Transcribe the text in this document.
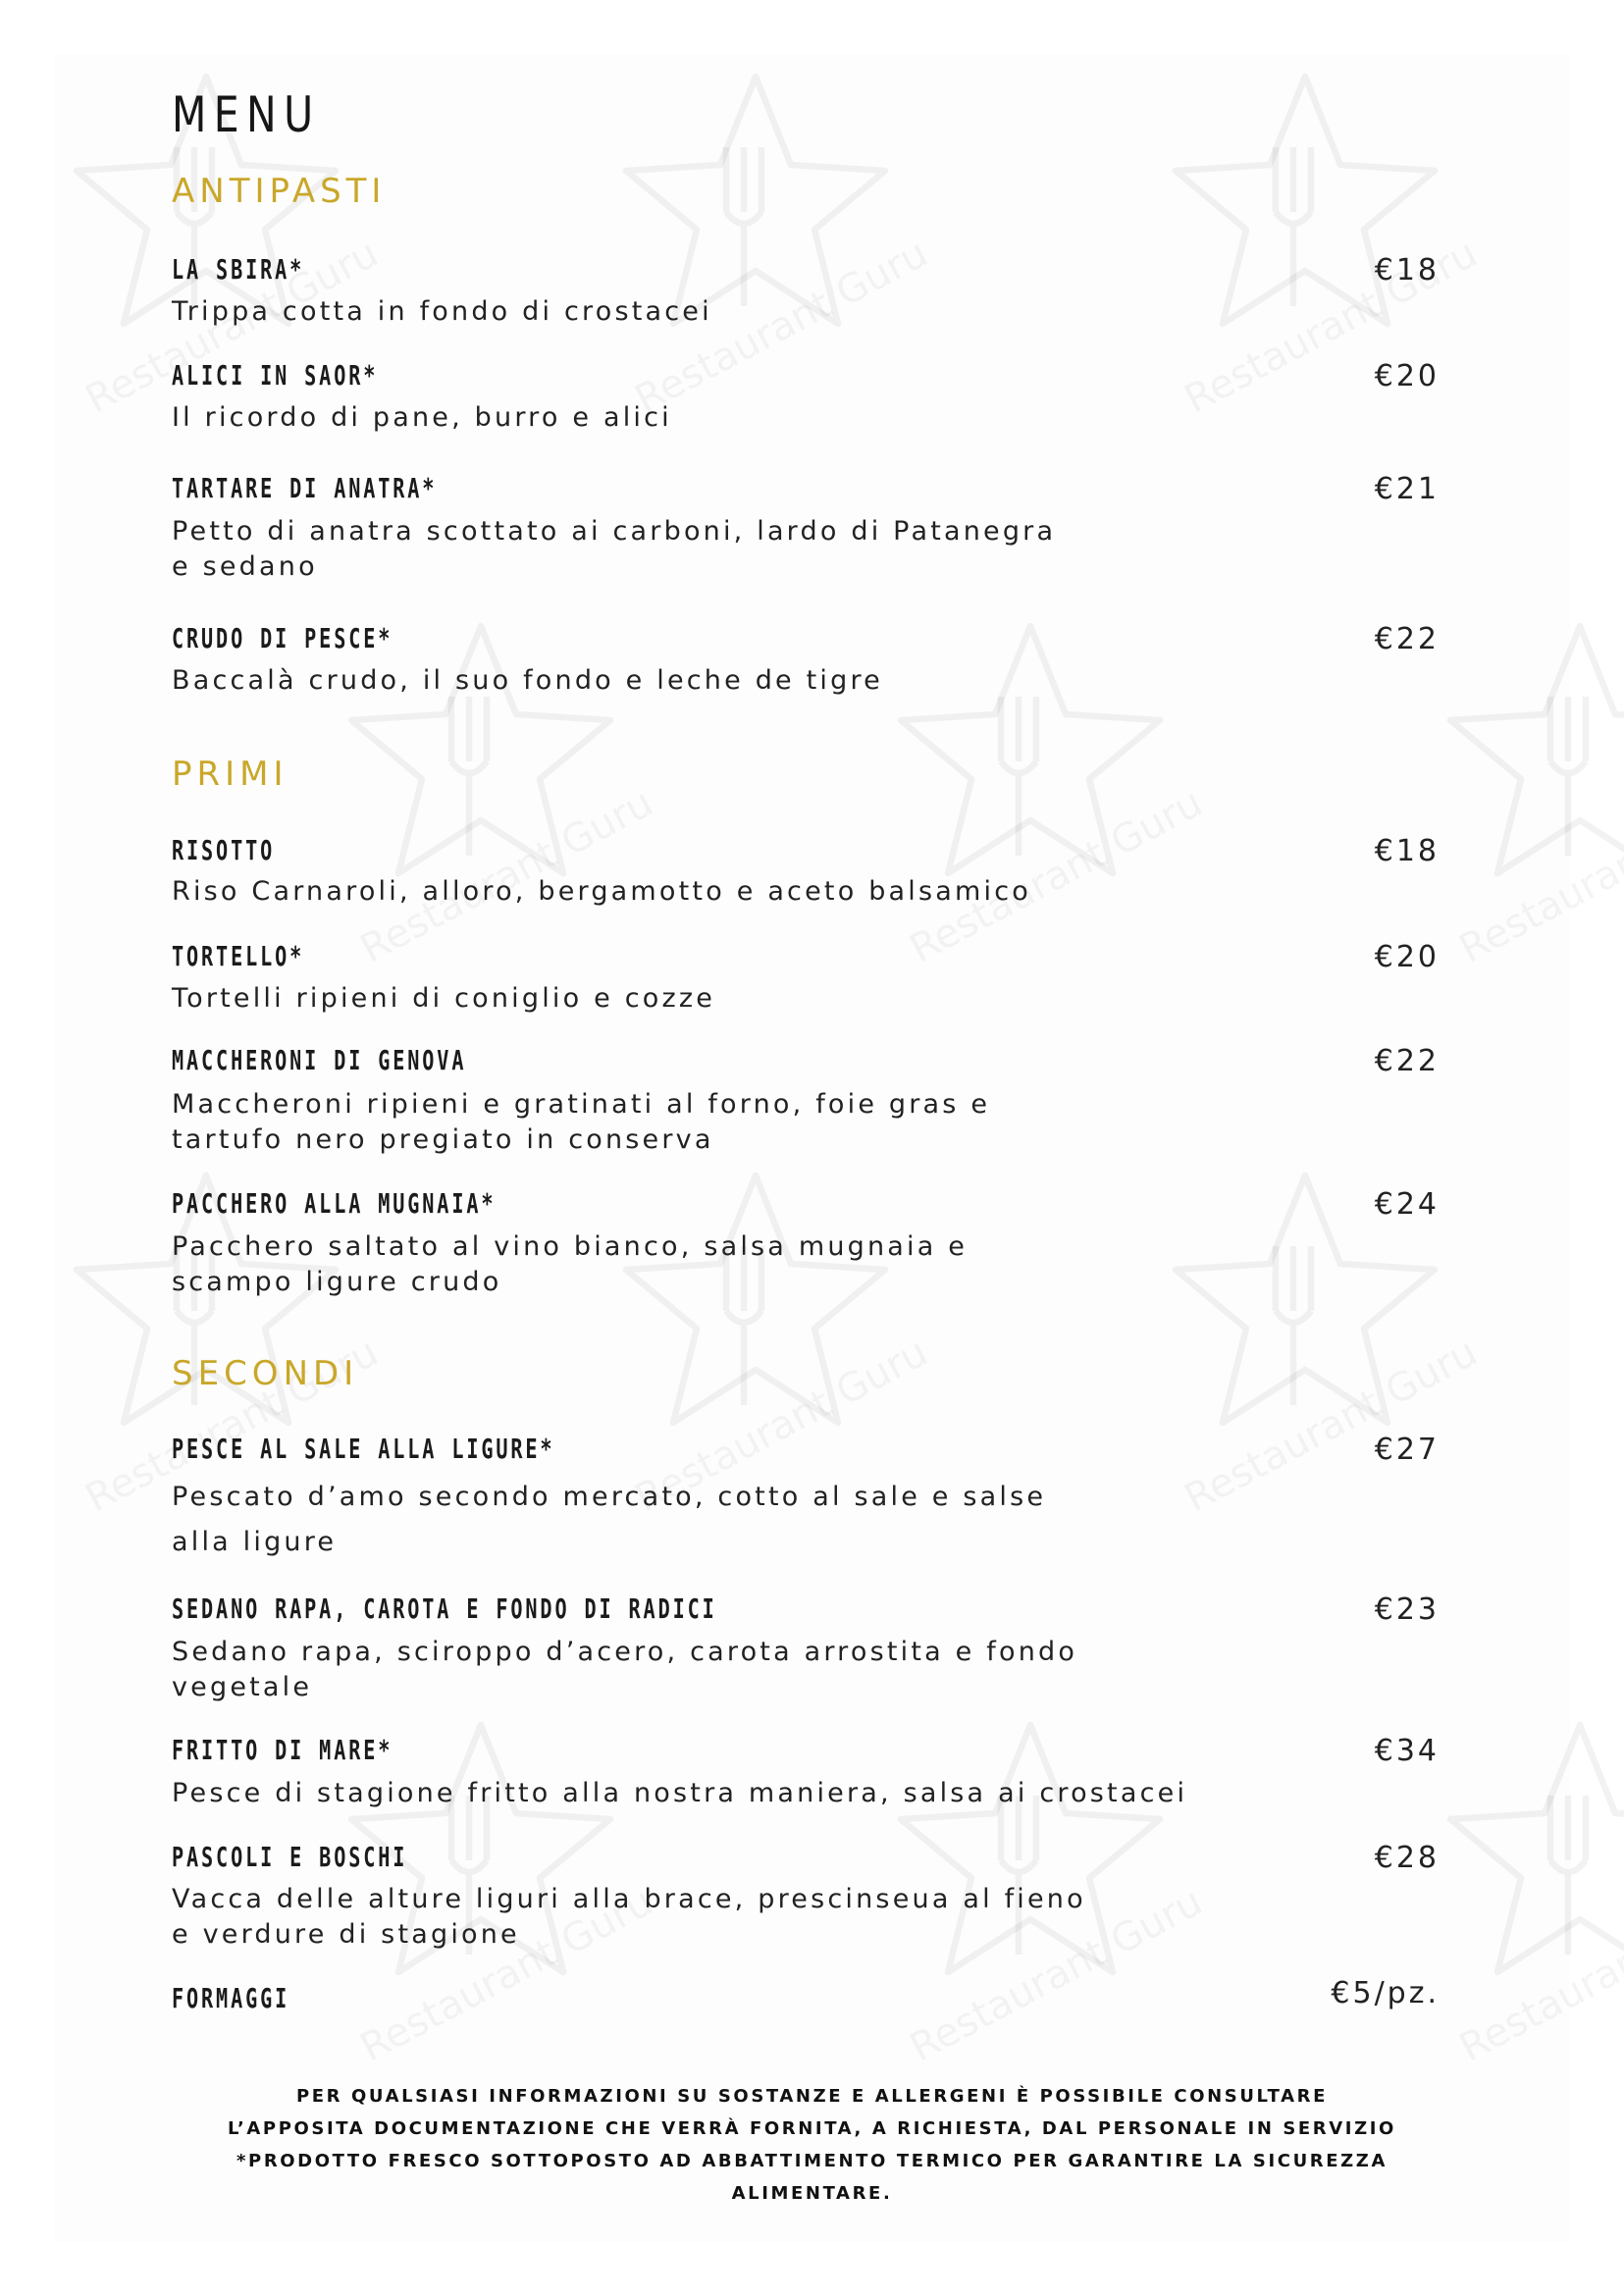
MENU
ANTIPASTI
LA SBIRA*	€18
Trippa cotta in fondo di crostacei
ALICI IN SAOR*	€20
Il ricordo di pane, burro e alici
TARTARE DI ANATRA*	€21
Petto di anatra scottato ai carboni, lardo di Patanegra
e sedano
CRUDO DI PESCE*	€22
Baccalà crudo, il suo fondo e leche de tigre
PRIMI
RISOTTO	€18
Riso Carnaroli, alloro, bergamotto e aceto balsamico
TORTELLO*	€20
Tortelli ripieni di coniglio e cozze
MACCHERONI DI GENOVA	€22
Maccheroni ripieni e gratinati al forno, foie gras e
tartufo nero pregiato in conserva
PACCHERO ALLA MUGNAIA*	€24
Pacchero saltato al vino bianco, salsa mugnaia e
scampo ligure crudo
SECONDI
PESCE AL SALE ALLA LIGURE*	€27
Pescato d’amo secondo mercato, cotto al sale e salse
alla ligure
SEDANO RAPA, CAROTA E FONDO DI RADICI	€23
Sedano rapa, sciroppo d’acero, carota arrostita e fondo
vegetale
FRITTO DI MARE*	€34
Pesce di stagione fritto alla nostra maniera, salsa ai crostacei
PASCOLI E BOSCHI	€28
Vacca delle alture liguri alla brace, prescinseua al fieno
e verdure di stagione
FORMAGGI	€5/pz.
PER QUALSIASI INFORMAZIONI SU SOSTANZE E ALLERGENI È POSSIBILE CONSULTARE
L’APPOSITA DOCUMENTAZIONE CHE VERRÀ FORNITA, A RICHIESTA, DAL PERSONALE IN SERVIZIO
*PRODOTTO FRESCO SOTTOPOSTO AD ABBATTIMENTO TERMICO PER GARANTIRE LA SICUREZZA
ALIMENTARE.
